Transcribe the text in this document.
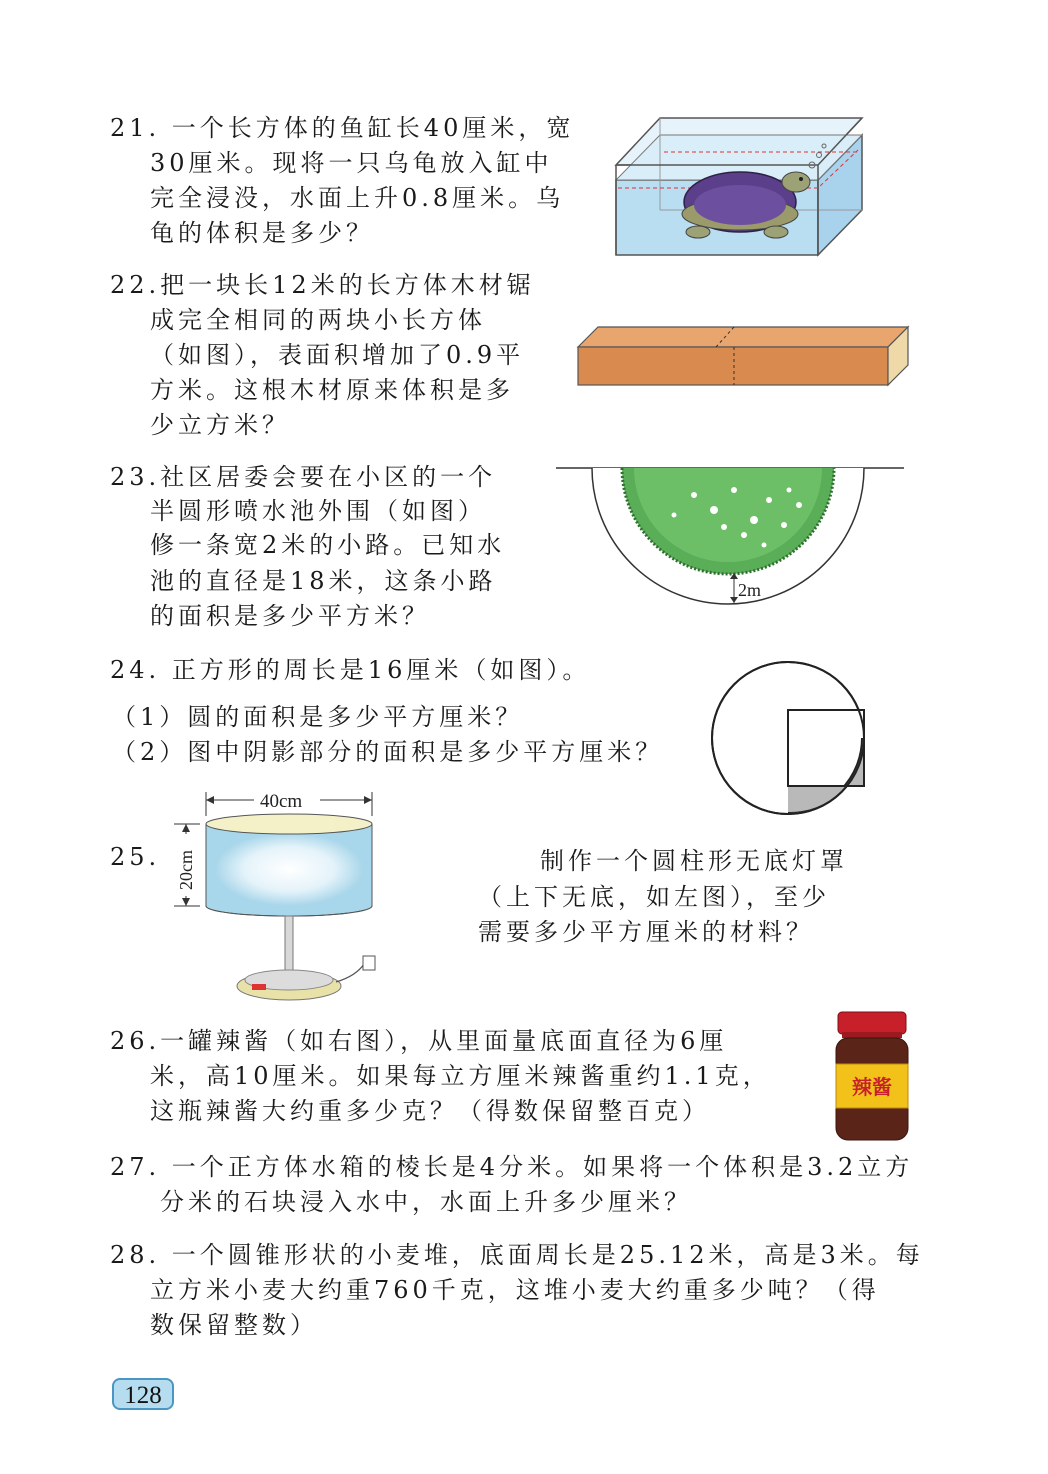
21. 一个长方体的鱼缸长40厘米，宽
30厘米。现将一只乌龟放入缸中
完全浸没，水面上升0.8厘米。乌
龟的体积是多少？
22.把一块长12米的长方体木材锯
成完全相同的两块小长方体
（如图），表面积增加了0.9平
方米。这根木材原来体积是多
少立方米？
23.社区居委会要在小区的一个
半圆形喷水池外围（如图）
修一条宽2米的小路。已知水
池的直径是18米，这条小路
的面积是多少平方米？
2m
24. 正方形的周长是16厘米（如图）。
（1）圆的面积是多少平方厘米？
（2）图中阴影部分的面积是多少平方厘米？
25.	制作一个圆柱形无底灯罩
（上下无底，如左图），至少
需要多少平方厘米的材料？
40cm
20cm
26.一罐辣酱（如右图），从里面量底面直径为6厘
米，高10厘米。如果每立方厘米辣酱重约1.1克，
这瓶辣酱大约重多少克？（得数保留整百克）
辣酱
27. 一个正方体水箱的棱长是4分米。如果将一个体积是3.2立方
分米的石块浸入水中，水面上升多少厘米？
28. 一个圆锥形状的小麦堆，底面周长是25.12米，高是3米。每
立方米小麦大约重760千克，这堆小麦大约重多少吨？（得
数保留整数）
128
